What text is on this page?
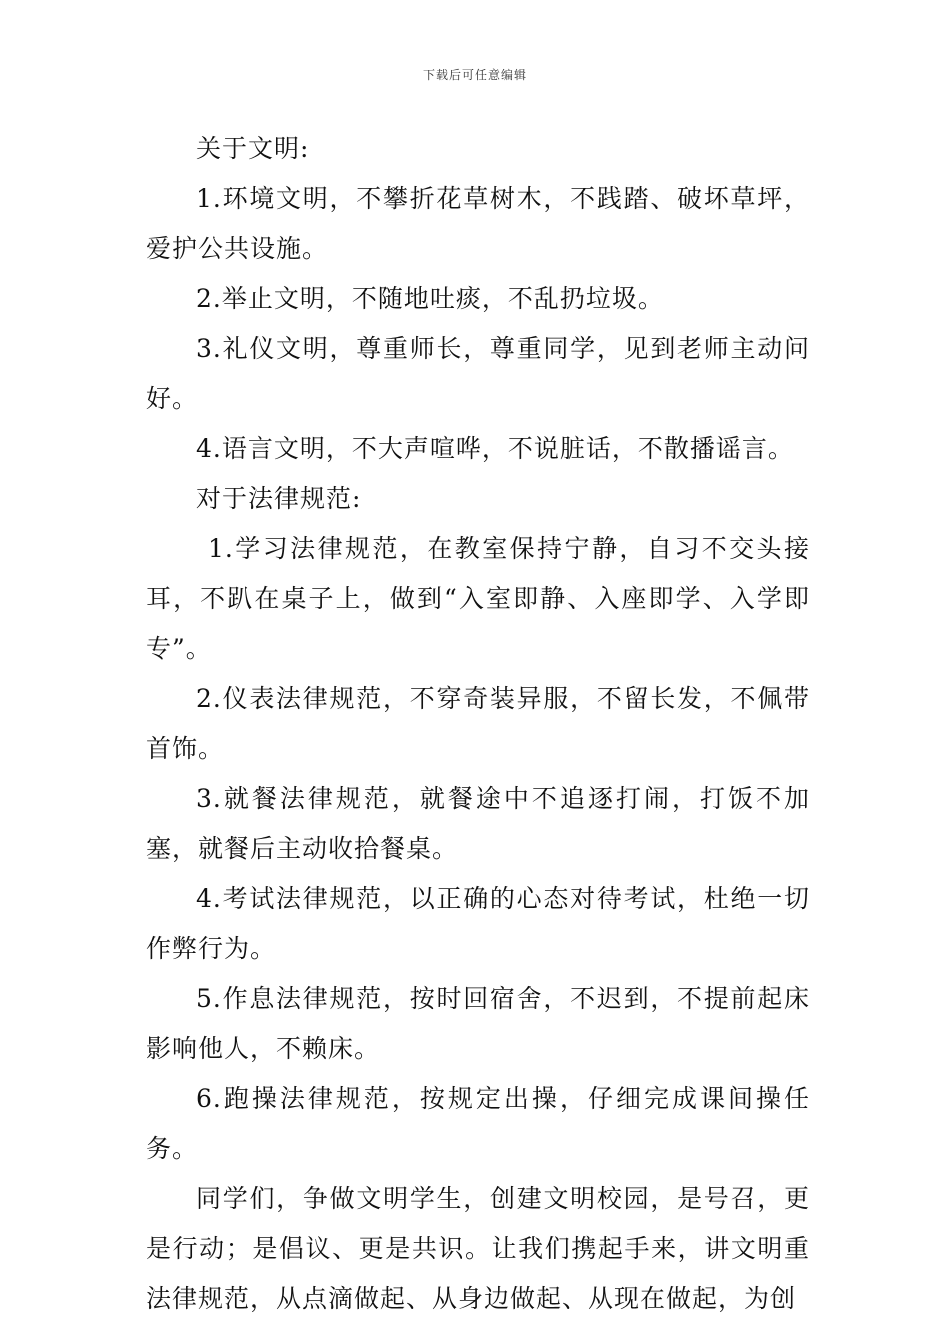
下载后可任意编辑

关于文明:

1.环境文明，不攀折花草树木，不践踏、破坏草坪，爱护公共设施。

2.举止文明，不随地吐痰，不乱扔垃圾。

3.礼仪文明，尊重师长，尊重同学，见到老师主动问好。

4.语言文明，不大声喧哗，不说脏话，不散播谣言。

对于法律规范:

1.学习法律规范，在教室保持宁静，自习不交头接耳，不趴在桌子上，做到“入室即静、入座即学、入学即专”。

2.仪表法律规范，不穿奇装异服，不留长发，不佩带首饰。

3.就餐法律规范，就餐途中不追逐打闹，打饭不加塞，就餐后主动收拾餐桌。

4.考试法律规范，以正确的心态对待考试，杜绝一切作弊行为。

5.作息法律规范，按时回宿舍，不迟到，不提前起床影响他人，不赖床。

6.跑操法律规范，按规定出操，仔细完成课间操任务。

同学们，争做文明学生，创建文明校园，是号召，更是行动；是倡议、更是共识。让我们携起手来，讲文明重法律规范，从点滴做起、从身边做起、从现在做起，为创
